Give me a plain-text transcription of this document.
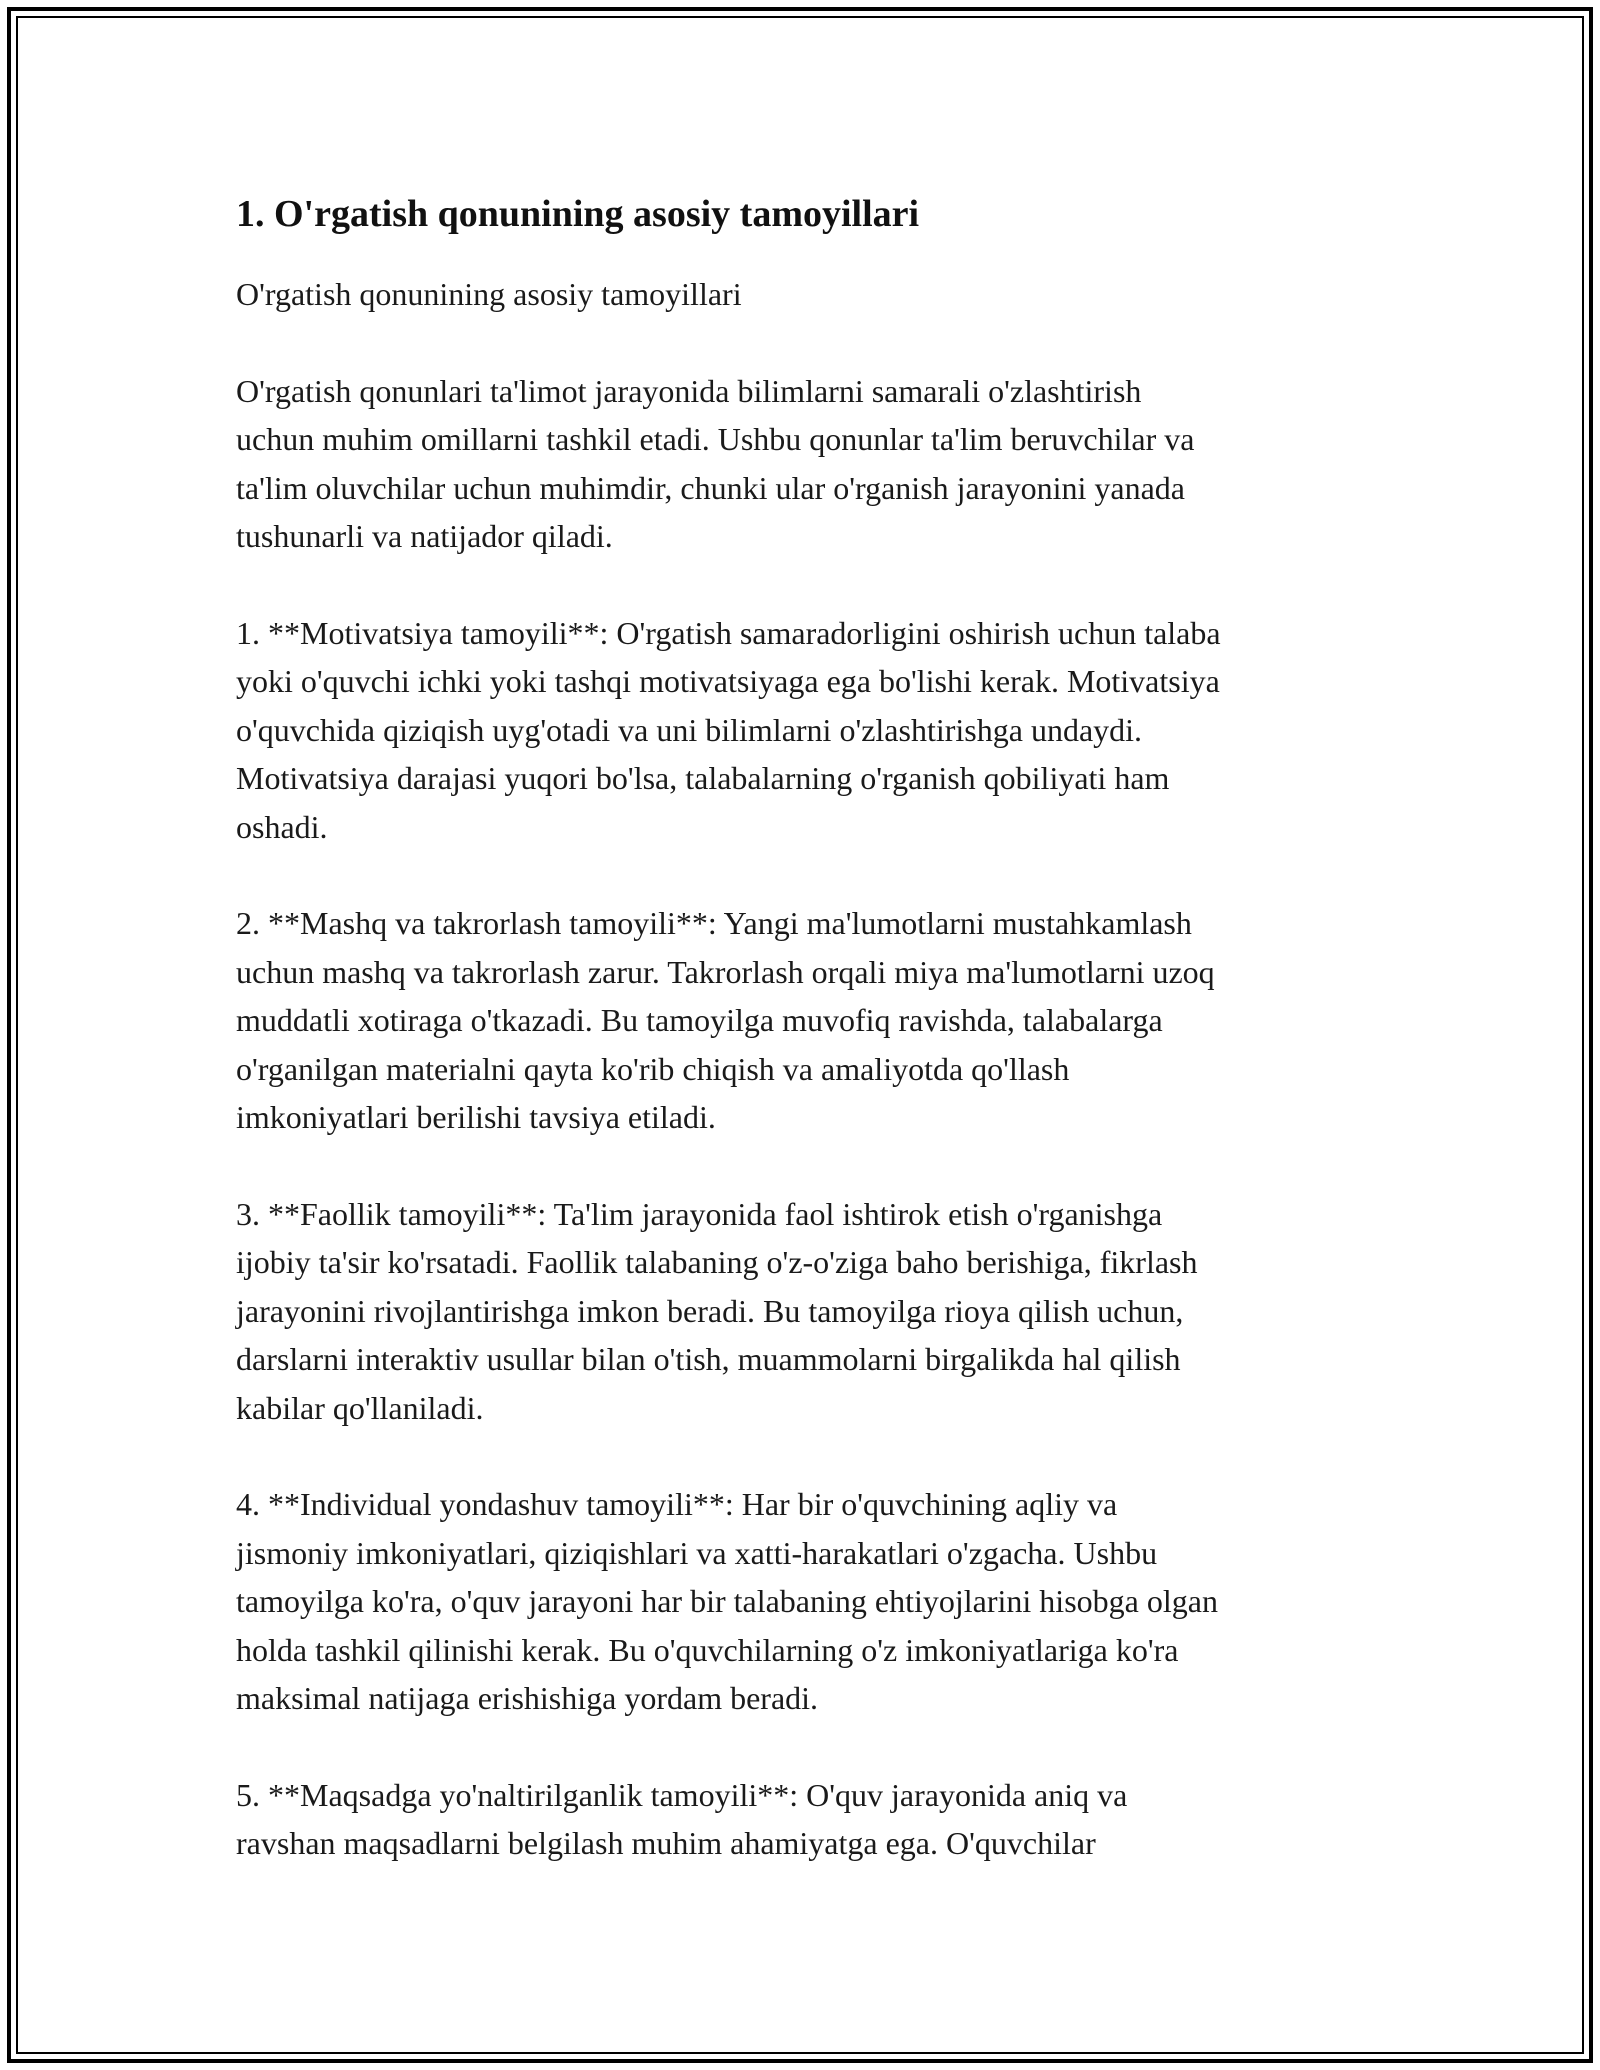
1. O'rgatish qonunining asosiy tamoyillari

O'rgatish qonunining asosiy tamoyillari

O'rgatish qonunlari ta'limot jarayonida bilimlarni samarali o'zlashtirish
uchun muhim omillarni tashkil etadi. Ushbu qonunlar ta'lim beruvchilar va
ta'lim oluvchilar uchun muhimdir, chunki ular o'rganish jarayonini yanada
tushunarli va natijador qiladi.

1. **Motivatsiya tamoyili**: O'rgatish samaradorligini oshirish uchun talaba
yoki o'quvchi ichki yoki tashqi motivatsiyaga ega bo'lishi kerak. Motivatsiya
o'quvchida qiziqish uyg'otadi va uni bilimlarni o'zlashtirishga undaydi.
Motivatsiya darajasi yuqori bo'lsa, talabalarning o'rganish qobiliyati ham
oshadi.

2. **Mashq va takrorlash tamoyili**: Yangi ma'lumotlarni mustahkamlash
uchun mashq va takrorlash zarur. Takrorlash orqali miya ma'lumotlarni uzoq
muddatli xotiraga o'tkazadi. Bu tamoyilga muvofiq ravishda, talabalarga
o'rganilgan materialni qayta ko'rib chiqish va amaliyotda qo'llash
imkoniyatlari berilishi tavsiya etiladi.

3. **Faollik tamoyili**: Ta'lim jarayonida faol ishtirok etish o'rganishga
ijobiy ta'sir ko'rsatadi. Faollik talabaning o'z-o'ziga baho berishiga, fikrlash
jarayonini rivojlantirishga imkon beradi. Bu tamoyilga rioya qilish uchun,
darslarni interaktiv usullar bilan o'tish, muammolarni birgalikda hal qilish
kabilar qo'llaniladi.

4. **Individual yondashuv tamoyili**: Har bir o'quvchining aqliy va
jismoniy imkoniyatlari, qiziqishlari va xatti-harakatlari o'zgacha. Ushbu
tamoyilga ko'ra, o'quv jarayoni har bir talabaning ehtiyojlarini hisobga olgan
holda tashkil qilinishi kerak. Bu o'quvchilarning o'z imkoniyatlariga ko'ra
maksimal natijaga erishishiga yordam beradi.

5. **Maqsadga yo'naltirilganlik tamoyili**: O'quv jarayonida aniq va
ravshan maqsadlarni belgilash muhim ahamiyatga ega. O'quvchilar
